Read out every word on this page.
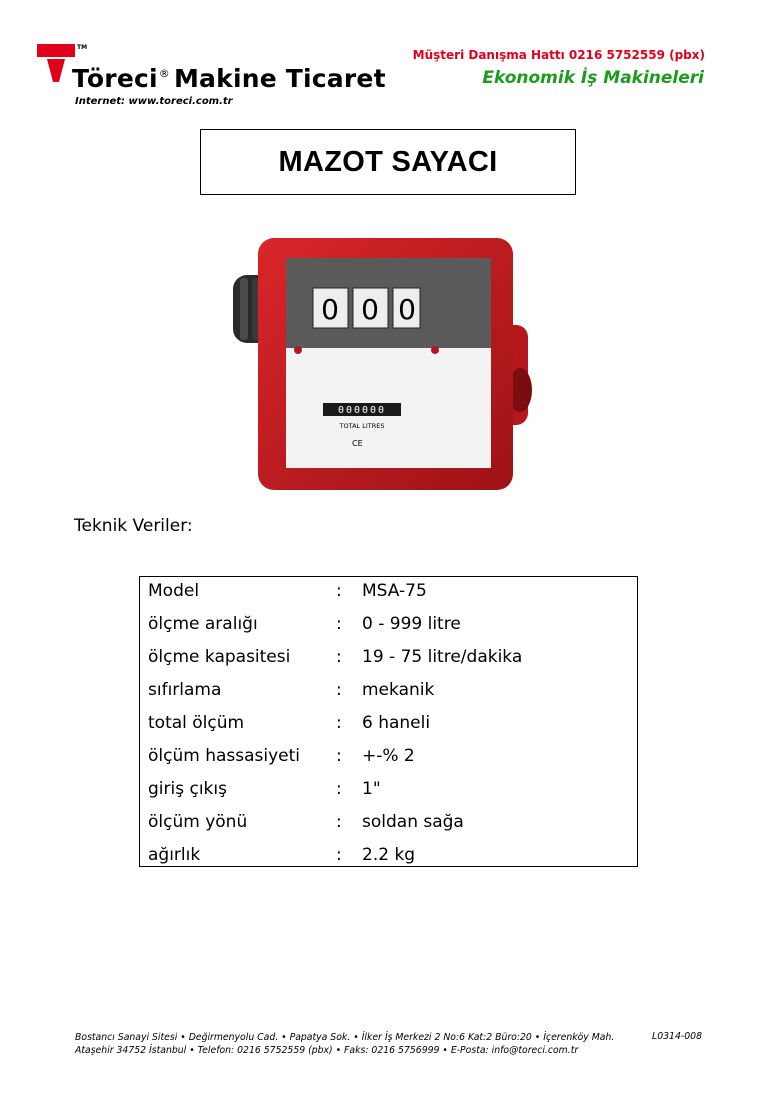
TM
Töreci® Makine Ticaret
Internet: www.toreci.com.tr
Müşteri Danışma Hattı 0216 5752559 (pbx)
Ekonomik İş Makineleri
MAZOT SAYACI
0 0 0
000000
TOTAL LITRES
CE
Teknik Veriler:
Model	: MSA-75
ölçme aralığı	: 0 - 999 litre
ölçme kapasitesi	: 19 - 75 litre/dakika
sıfırlama	: mekanik
total ölçüm	: 6 haneli
ölçüm hassasiyeti : +-% 2
giriş çıkış	: 1"
ölçüm yönü	: soldan sağa
ağırlık	: 2.2 kg
Bostancı Sanayi Sitesi • Değirmenyolu Cad. • Papatya Sok. • İlker İş Merkezi 2 No:6 Kat:2 Büro:20 • İçerenköy Mah.
Ataşehir 34752 İstanbul • Telefon: 0216 5752559 (pbx) • Faks: 0216 5756999 • E-Posta: info@toreci.com.tr
L0314-008
